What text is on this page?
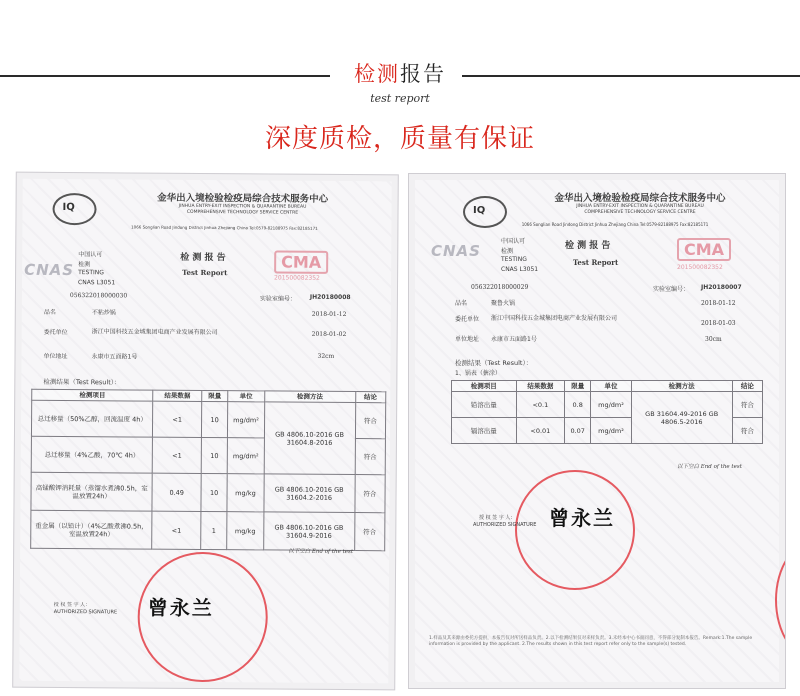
检测报告
test report
深度质检，质量有保证
IQ
金华出入境检验检疫局综合技术服务中心
JINHUA ENTRY-EXIT INSPECTION & QUARANTINE BUREAU
COMPREHENSIVE TECHNOLOGY SERVICE CENTRE
1066 Songlian Road Jindong District Jinhua Zhejiang China Tel:0579-82188975 Fax:82185171
CNAS
中国认可
检测
TESTING
CNAS L3051
检 测 报 告
Test Report
CMA
201500082352
056322018000030	实验室编号： JH20180008
品名	不粘炒锅	2018-01-12
委托单位	浙江中国科技五金城集团电商产业发展有限公司	2018-01-02
单位地址	永康市五面路1号	32cm
检测结果（Test Result）：
检测项目	结果数据	限量	单位	检测方法	结论
总迁移量（50%乙醇，回流温度 4h）	<1	10	mg/dm²	GB 4806.10-2016 GB 31604.8-2016	符合
总迁移量（4%乙酸，70℃ 4h）	<1	10	mg/dm²		符合
高锰酸钾消耗量（蒸馏水煮沸0.5h，室温放置24h）	0.49	10	mg/kg	GB 4806.10-2016 GB 31604.2-2016	符合
重金属（以铅计）（4%乙酸煮沸0.5h，室温放置24h）	<1	1	mg/kg	GB 4806.10-2016 GB 31604.9-2016	符合
以下空白 End of the test
授 权 签 字 人：
AUTHORIZED SIGNATURE 曾永兰
IQ
金华出入境检验检疫局综合技术服务中心
JINHUA ENTRY-EXIT INSPECTION & QUARANTINE BUREAU
COMPREHENSIVE TECHNOLOGY SERVICE CENTRE
1066 Songlian Road Jindong District Jinhua Zhejiang China Tel:0579-82188975 Fax:82185171
CNAS
中国认可
检测
TESTING
CNAS L3051
检 测 报 告
Test Report
CMA
201500082352
056322018000029	实验室编号： JH20180007
品名	聚鲁火锅	2018-01-12
委托单位 浙江中国科技五金城集团电商产业发展有限公司
2018-01-03
单位地址 永康市五面路1号	30cm
检测结果（Test Result）：
1、锅表（搪涂）
检测项目	结果数据	限量	单位	检测方法	结论
铅溶出量	<0.1	0.8	mg/dm²	GB 31604.49-2016 GB 4806.5-2016	符合
镉溶出量	<0.01	0.07	mg/dm²		符合
以下空白 End of the test
授 权 签 字 人：
AUTHORIZED SIGNATURE 曾永兰
1.样品及其来源由委托方提供，本报告仅对所送样品负责。2.以下检测结果仅对来样负责。3.未经本中心书面同意，不得部分复制本报告。Remark:1.The sample information is provided by the applicant. 2.The results shown in this test report refer only to the sample(s) tested.
